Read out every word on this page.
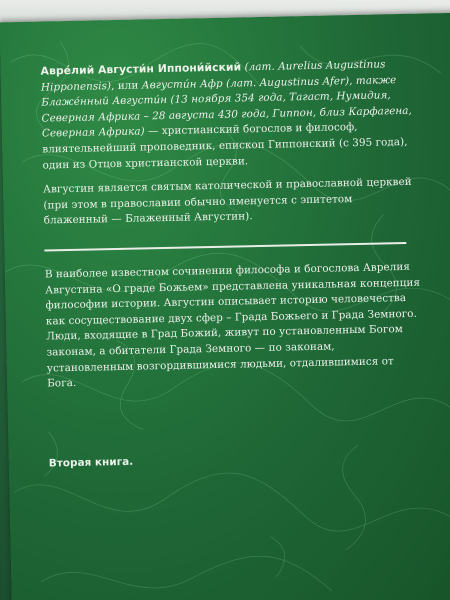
Авре́лий Августи́н Иппони́йский (лат. Aurelius Augustinus Hipponensis), или Августи́н Афр (лат. Augustinus Afer), также Блаже́нный Августи́н (13 ноября 354 года, Тагаст, Нумидия, Северная Африка – 28 августа 430 года, Гиппон, близ Карфагена, Северная Африка) — христианский богослов и философ, влиятельнейший проповедник, епископ Гиппонский (с 395 года), один из Отцов христианской церкви.

Августин является святым католической и православной церквей (при этом в православии обычно именуется с эпитетом блаженный — Блаженный Августин).

В наиболее известном сочинении философа и богослова Аврелия Августина «О граде Божьем» представлена уникальная концепция философии истории. Августин описывает историю человечества как сосуществование двух сфер – Града Божьего и Града Земного. Люди, входящие в Град Божий, живут по установленным Богом законам, а обитатели Града Земного — по законам, установленным возгордившимися людьми, отдалившимися от Бога.

Вторая книга.
